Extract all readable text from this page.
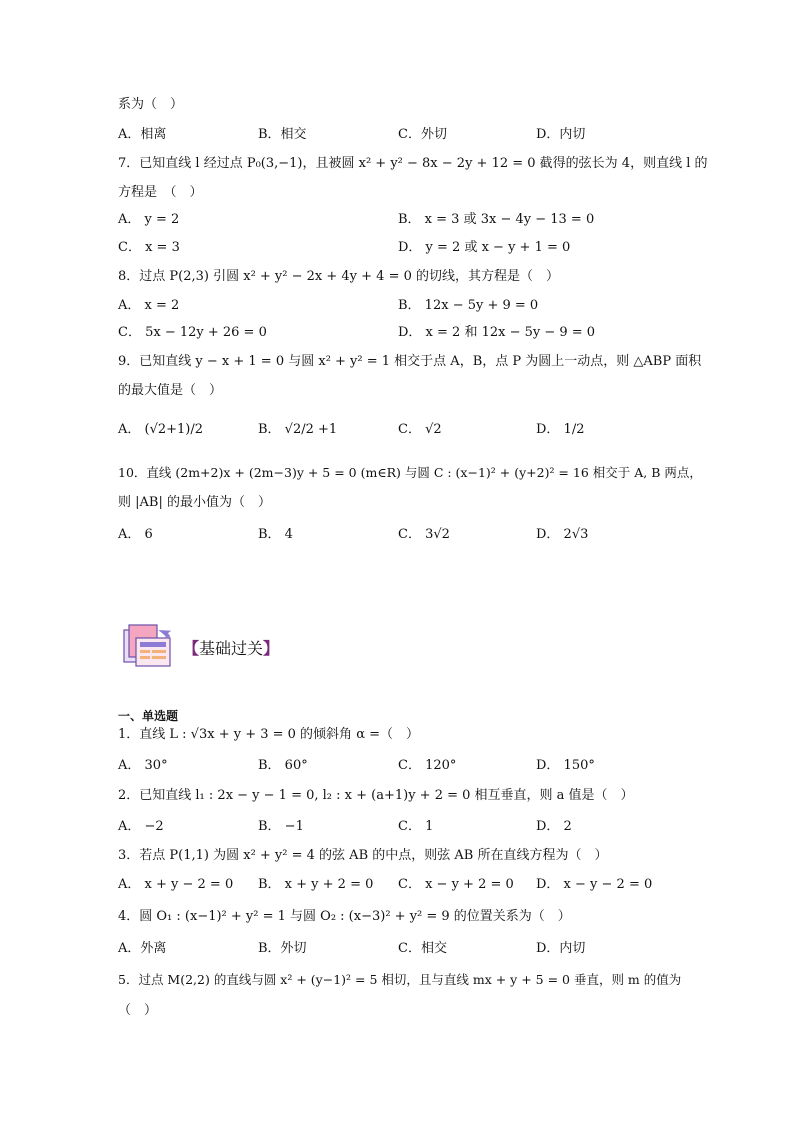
系为（　）
A．相离	B．相交	C．外切	D．内切
7．已知直线 l 经过点 P₀(3,−1)，且被圆 x² + y² − 8x − 2y + 12 = 0 截得的弦长为 4，则直线 l 的
方程是　（　）
A． y = 2	B． x = 3 或 3x − 4y − 13 = 0
C． x = 3	D． y = 2 或 x − y + 1 = 0
8．过点 P(2,3) 引圆 x² + y² − 2x + 4y + 4 = 0 的切线，其方程是（　）
A． x = 2	B． 12x − 5y + 9 = 0
C． 5x − 12y + 26 = 0	D． x = 2 和 12x − 5y − 9 = 0
9．已知直线 y − x + 1 = 0 与圆 x² + y² = 1 相交于点 A，B，点 P 为圆上一动点，则 △ABP 面积
的最大值是（　）
A． (√2+1)/2	B． √2/2 +1	C． √2	D． 1/2
10．直线 (2m+2)x + (2m−3)y + 5 = 0 (m∈R) 与圆 C : (x−1)² + (y+2)² = 16 相交于 A, B 两点，
则 |AB| 的最小值为（　）
A． 6	B． 4	C． 3√2	D． 2√3
【基础过关】
一、单选题
1．直线 L : √3x + y + 3 = 0 的倾斜角 α =（　）
A． 30°	B． 60°	C． 120°	D． 150°
2．已知直线 l₁ : 2x − y − 1 = 0, l₂ : x + (a+1)y + 2 = 0 相互垂直，则 a 值是（　）
A． −2	B． −1	C． 1	D． 2
3．若点 P(1,1) 为圆 x² + y² = 4 的弦 AB 的中点，则弦 AB 所在直线方程为（　）
A． x + y − 2 = 0 B． x + y + 2 = 0 C． x − y + 2 = 0 D． x − y − 2 = 0
4．圆 O₁ : (x−1)² + y² = 1 与圆 O₂ : (x−3)² + y² = 9 的位置关系为（　）
A．外离	B．外切	C．相交	D．内切
5．过点 M(2,2) 的直线与圆 x² + (y−1)² = 5 相切，且与直线 mx + y + 5 = 0 垂直，则 m 的值为
（　）
